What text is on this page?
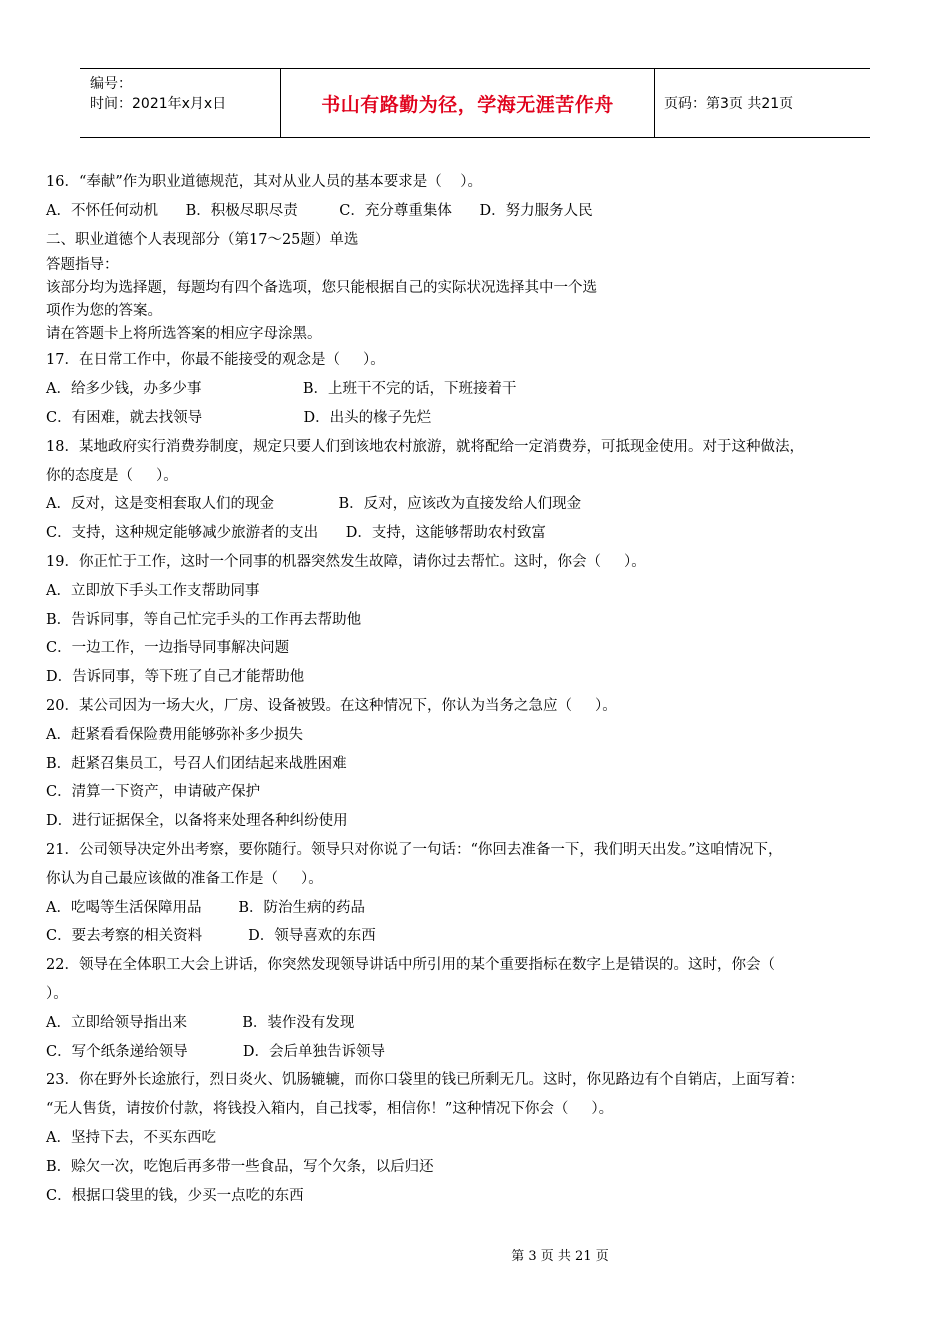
编号：
时间：2021年x月x日	书山有路勤为径，学海无涯苦作舟	页码：第3页 共21页
16．“奉献”作为职业道德规范，其对从业人员的基本要求是（    ）。
A．不怀任何动机      B．积极尽职尽责         C．充分尊重集体      D．努力服务人民
二、职业道德个人表现部分（第17～25题）单选
答题指导：
该部分均为选择题，每题均有四个备选项，您只能根据自己的实际状况选择其中一个选
项作为您的答案。
请在答题卡上将所选答案的相应字母涂黑。
17．在日常工作中，你最不能接受的观念是（     ）。
A．给多少钱，办多少事                      B．上班干不完的话，下班接着干
C．有困难，就去找领导                      D．出头的椽子先烂
18．某地政府实行消费券制度，规定只要人们到该地农村旅游，就将配给一定消费券，可抵现金使用。对于这种做法，
你的态度是（     ）。
A．反对，这是变相套取人们的现金              B．反对，应该改为直接发给人们现金
C．支持，这种规定能够减少旅游者的支出      D．支持，这能够帮助农村致富
19．你正忙于工作，这时一个同事的机器突然发生故障，请你过去帮忙。这时，你会（     ）。
A．立即放下手头工作支帮助同事
B．告诉同事，等自己忙完手头的工作再去帮助他
C．一边工作，一边指导同事解决问题
D．告诉同事，等下班了自己才能帮助他
20．某公司因为一场大火，厂房、设备被毁。在这种情况下，你认为当务之急应（     ）。
A．赶紧看看保险费用能够弥补多少损失
B．赶紧召集员工，号召人们团结起来战胜困难
C．清算一下资产，申请破产保护
D．进行证据保全，以备将来处理各种纠纷使用
21．公司领导决定外出考察，要你随行。领导只对你说了一句话：“你回去准备一下，我们明天出发。”这咱情况下，
你认为自己最应该做的准备工作是（     ）。
A．吃喝等生活保障用品        B．防治生病的药品
C．要去考察的相关资料          D．领导喜欢的东西
22．领导在全体职工大会上讲话，你突然发现领导讲话中所引用的某个重要指标在数字上是错误的。这时，你会（
）。
A．立即给领导指出来            B．装作没有发现
C．写个纸条递给领导            D．会后单独告诉领导
23．你在野外长途旅行，烈日炎火、饥肠辘辘，而你口袋里的钱已所剩无几。这时，你见路边有个自销店，上面写着：
“无人售货，请按价付款，将钱投入箱内，自己找零，相信你！”这种情况下你会（     ）。
A．坚持下去，不买东西吃
B．赊欠一次，吃饱后再多带一些食品，写个欠条，以后归还
C．根据口袋里的钱，少买一点吃的东西
第 3 页 共 21 页
